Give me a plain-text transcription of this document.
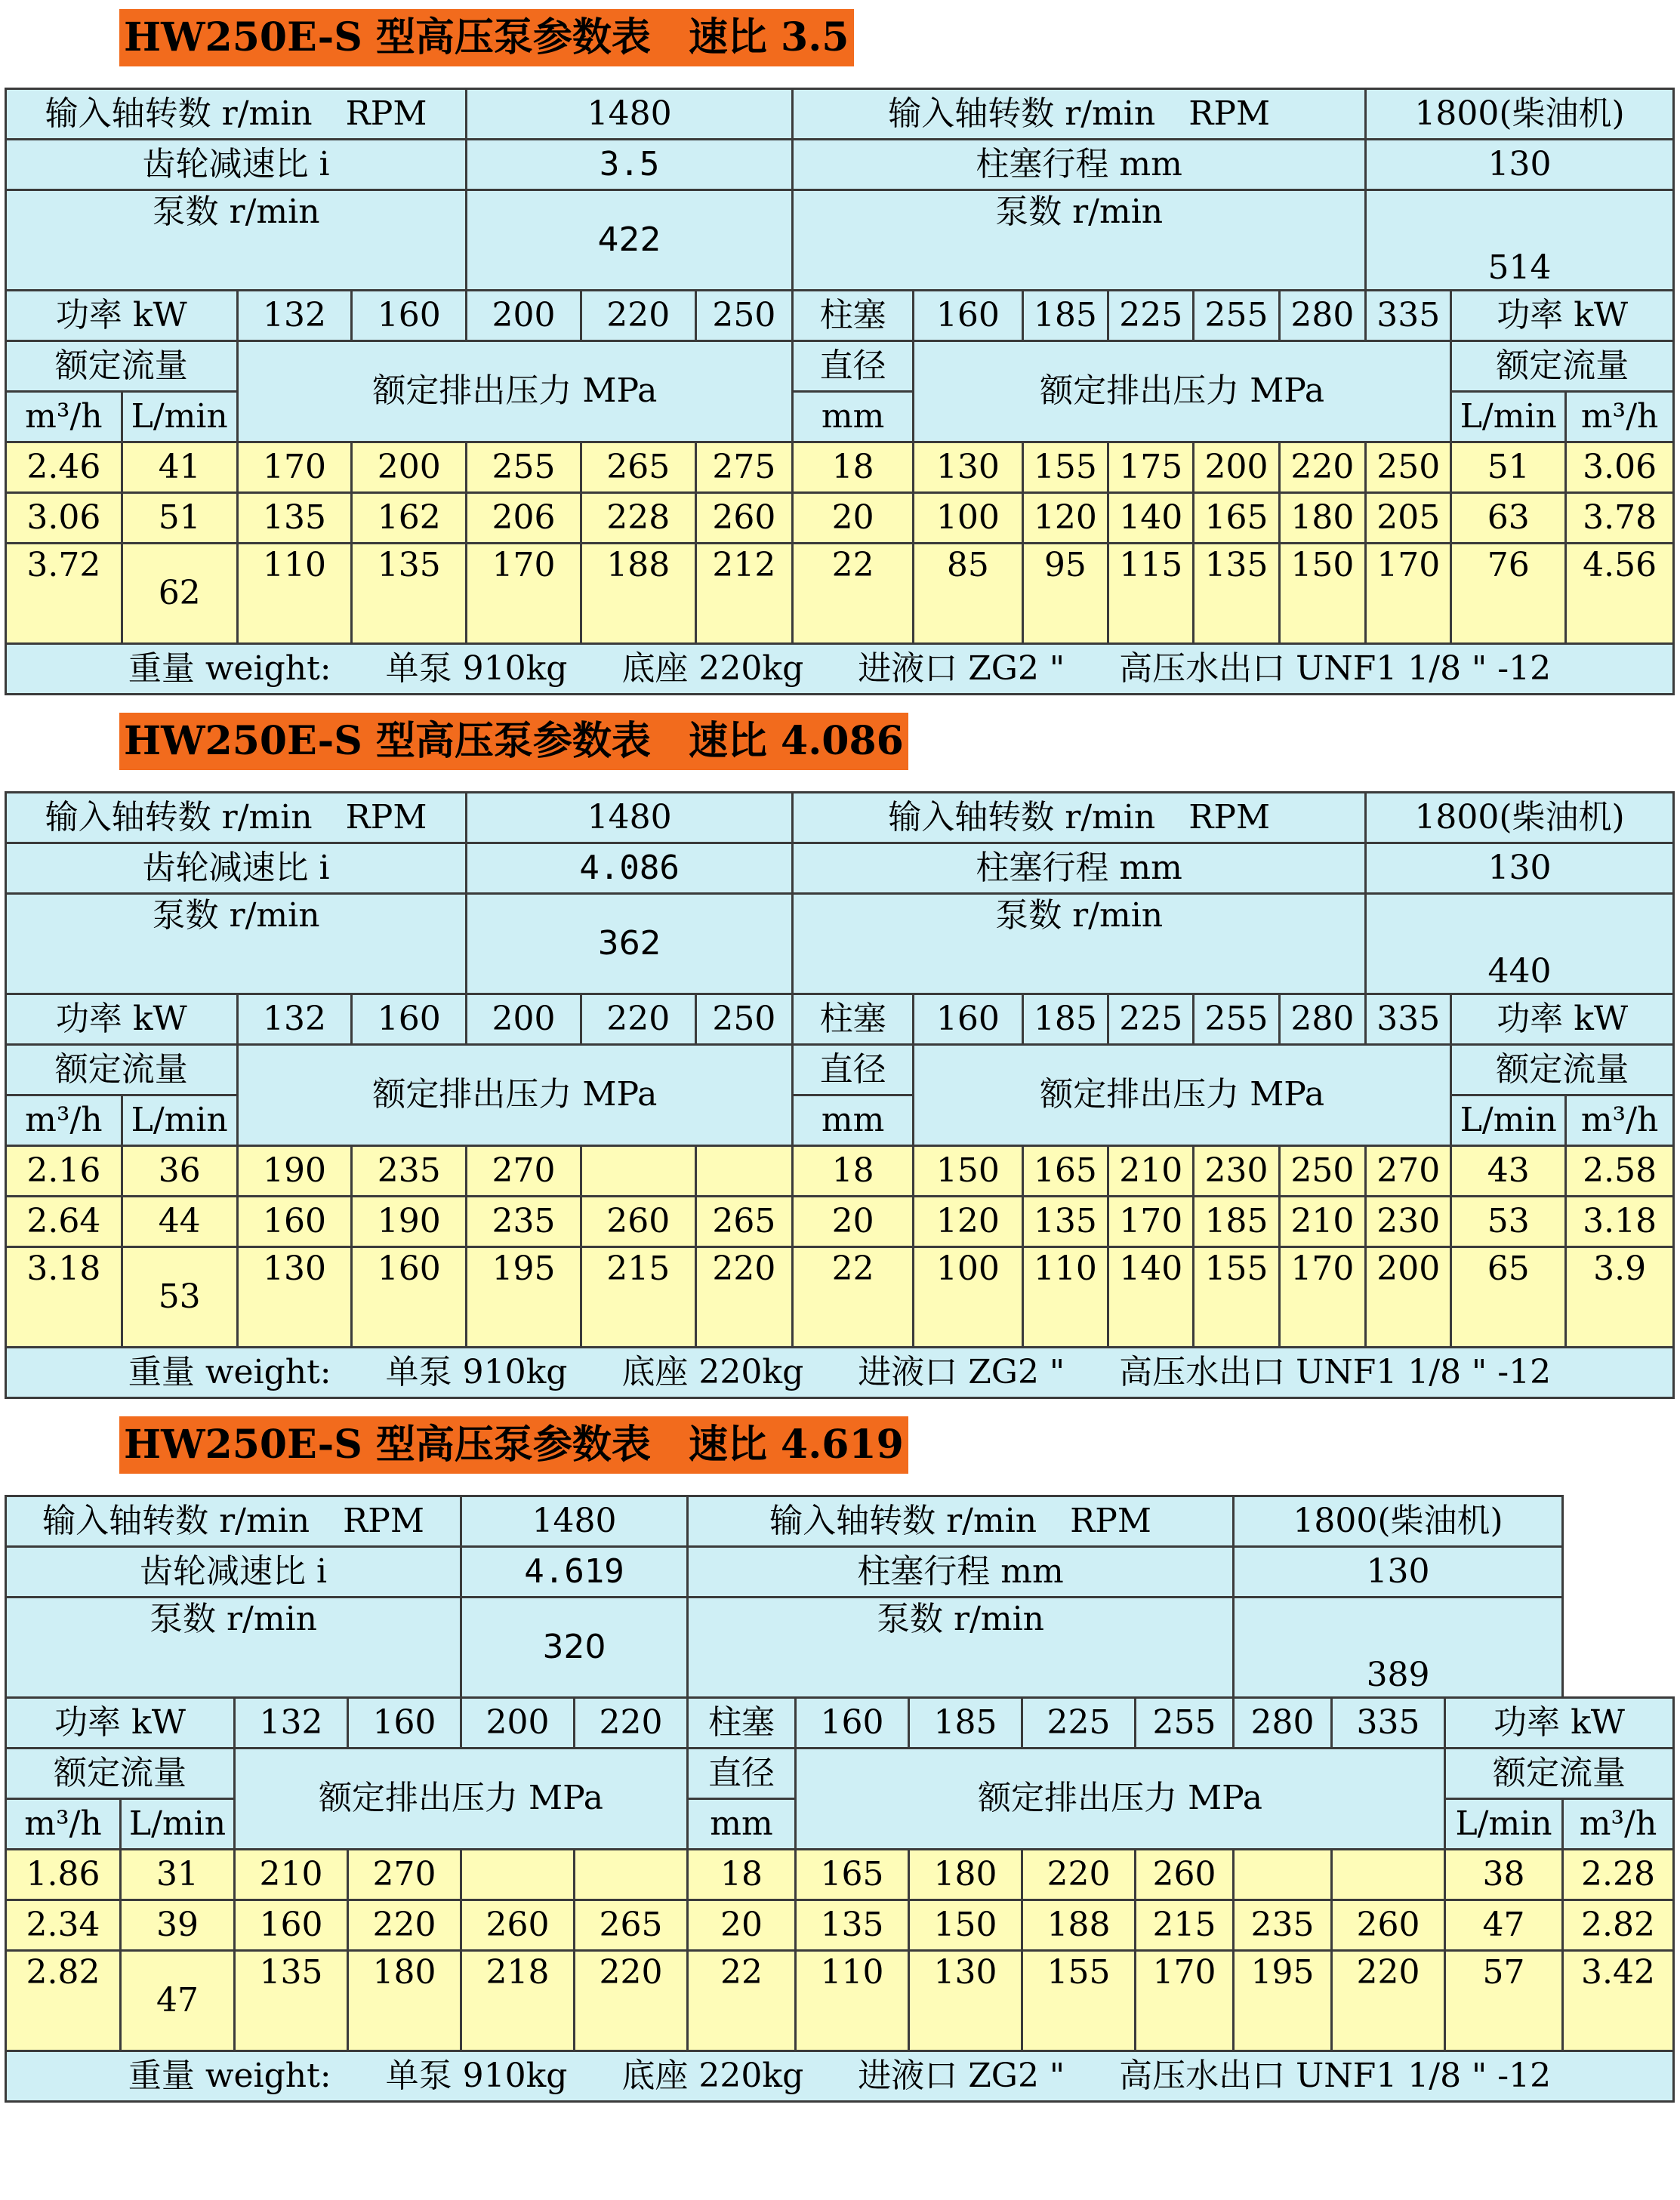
HW250E-S 型高压泵参数表 速比 3.5
输入轴转数 r/min　RPM				1480			输入轴转数 r/min　RPM						1800(柴油机)		
齿轮减速比 i				3.5			柱塞行程 mm						130		
泵数 r/min				422			泵数 r/min						514		
功率 kW		132	160	200	220	250	柱塞	160	185	225	255	280	335	功率 kW	
额定流量		额定排出压力 MPa					直径	额定排出压力 MPa						额定流量	
m³/h	L/min						mm							L/min	m³/h
2.46	41	170	200	255	265	275	18	130	155	175	200	220	250	51	3.06
3.06	51	135	162	206	228	260	20	100	120	140	165	180	205	63	3.78
3.72	62	110	135	170	188	212	22	85	95	115	135	150	170	76	4.56
重量 weight: 单泵 910kg 底座 220kg 进液口 ZG2 " 高压水出口 UNF1 1/8 " -12															
HW250E-S 型高压泵参数表 速比 4.086
输入轴转数 r/min　RPM				1480			输入轴转数 r/min　RPM						1800(柴油机)		
齿轮减速比 i				4.086			柱塞行程 mm						130		
泵数 r/min				362			泵数 r/min						440		
功率 kW		132	160	200	220	250	柱塞	160	185	225	255	280	335	功率 kW	
额定流量		额定排出压力 MPa					直径	额定排出压力 MPa						额定流量	
m³/h	L/min						mm							L/min	m³/h
2.16	36	190	235	270			18	150	165	210	230	250	270	43	2.58
2.64	44	160	190	235	260	265	20	120	135	170	185	210	230	53	3.18
3.18	53	130	160	195	215	220	22	100	110	140	155	170	200	65	3.9
重量 weight: 单泵 910kg 底座 220kg 进液口 ZG2 " 高压水出口 UNF1 1/8 " -12															
HW250E-S 型高压泵参数表 速比 4.619
输入轴转数 r/min　RPM				1480		输入轴转数 r/min　RPM					1800(柴油机)			
齿轮减速比 i				4.619		柱塞行程 mm					130			
泵数 r/min				320		泵数 r/min					389			
功率 kW		132	160	200	220	柱塞	160	185	225	255	280	335	功率 kW	
额定流量		额定排出压力 MPa				直径	额定排出压力 MPa						额定流量	
m³/h	L/min					mm							L/min	m³/h
1.86	31	210	270			18	165	180	220	260			38	2.28
2.34	39	160	220	260	265	20	135	150	188	215	235	260	47	2.82
2.82	47	135	180	218	220	22	110	130	155	170	195	220	57	3.42
重量 weight: 单泵 910kg 底座 220kg 进液口 ZG2 " 高压水出口 UNF1 1/8 " -12														
